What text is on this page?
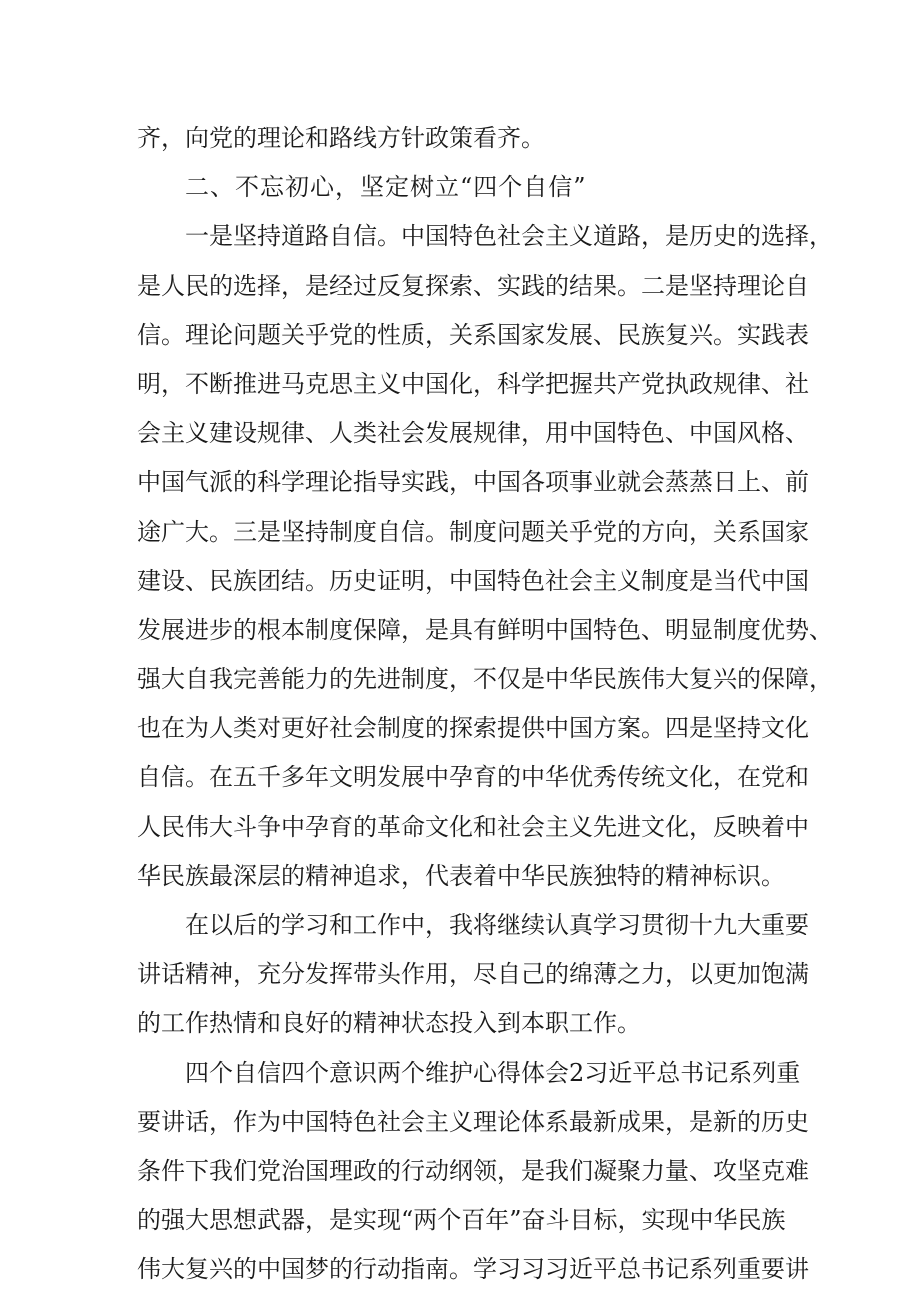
齐，向党的理论和路线方针政策看齐。
二、不忘初心，坚定树立“四个自信”
一是坚持道路自信。中国特色社会主义道路，是历史的选择，
是人民的选择，是经过反复探索、实践的结果。二是坚持理论自
信。理论问题关乎党的性质，关系国家发展、民族复兴。实践表
明，不断推进马克思主义中国化，科学把握共产党执政规律、社
会主义建设规律、人类社会发展规律，用中国特色、中国风格、
中国气派的科学理论指导实践，中国各项事业就会蒸蒸日上、前
途广大。三是坚持制度自信。制度问题关乎党的方向，关系国家
建设、民族团结。历史证明，中国特色社会主义制度是当代中国
发展进步的根本制度保障，是具有鲜明中国特色、明显制度优势、
强大自我完善能力的先进制度，不仅是中华民族伟大复兴的保障，
也在为人类对更好社会制度的探索提供中国方案。四是坚持文化
自信。在五千多年文明发展中孕育的中华优秀传统文化，在党和
人民伟大斗争中孕育的革命文化和社会主义先进文化，反映着中
华民族最深层的精神追求，代表着中华民族独特的精神标识。
在以后的学习和工作中，我将继续认真学习贯彻十九大重要
讲话精神，充分发挥带头作用，尽自己的绵薄之力，以更加饱满
的工作热情和良好的精神状态投入到本职工作。
四个自信四个意识两个维护心得体会2习近平总书记系列重
要讲话，作为中国特色社会主义理论体系最新成果，是新的历史
条件下我们党治国理政的行动纲领，是我们凝聚力量、攻坚克难
的强大思想武器，是实现“两个百年”奋斗目标，实现中华民族
伟大复兴的中国梦的行动指南。学习习习近平总书记系列重要讲
